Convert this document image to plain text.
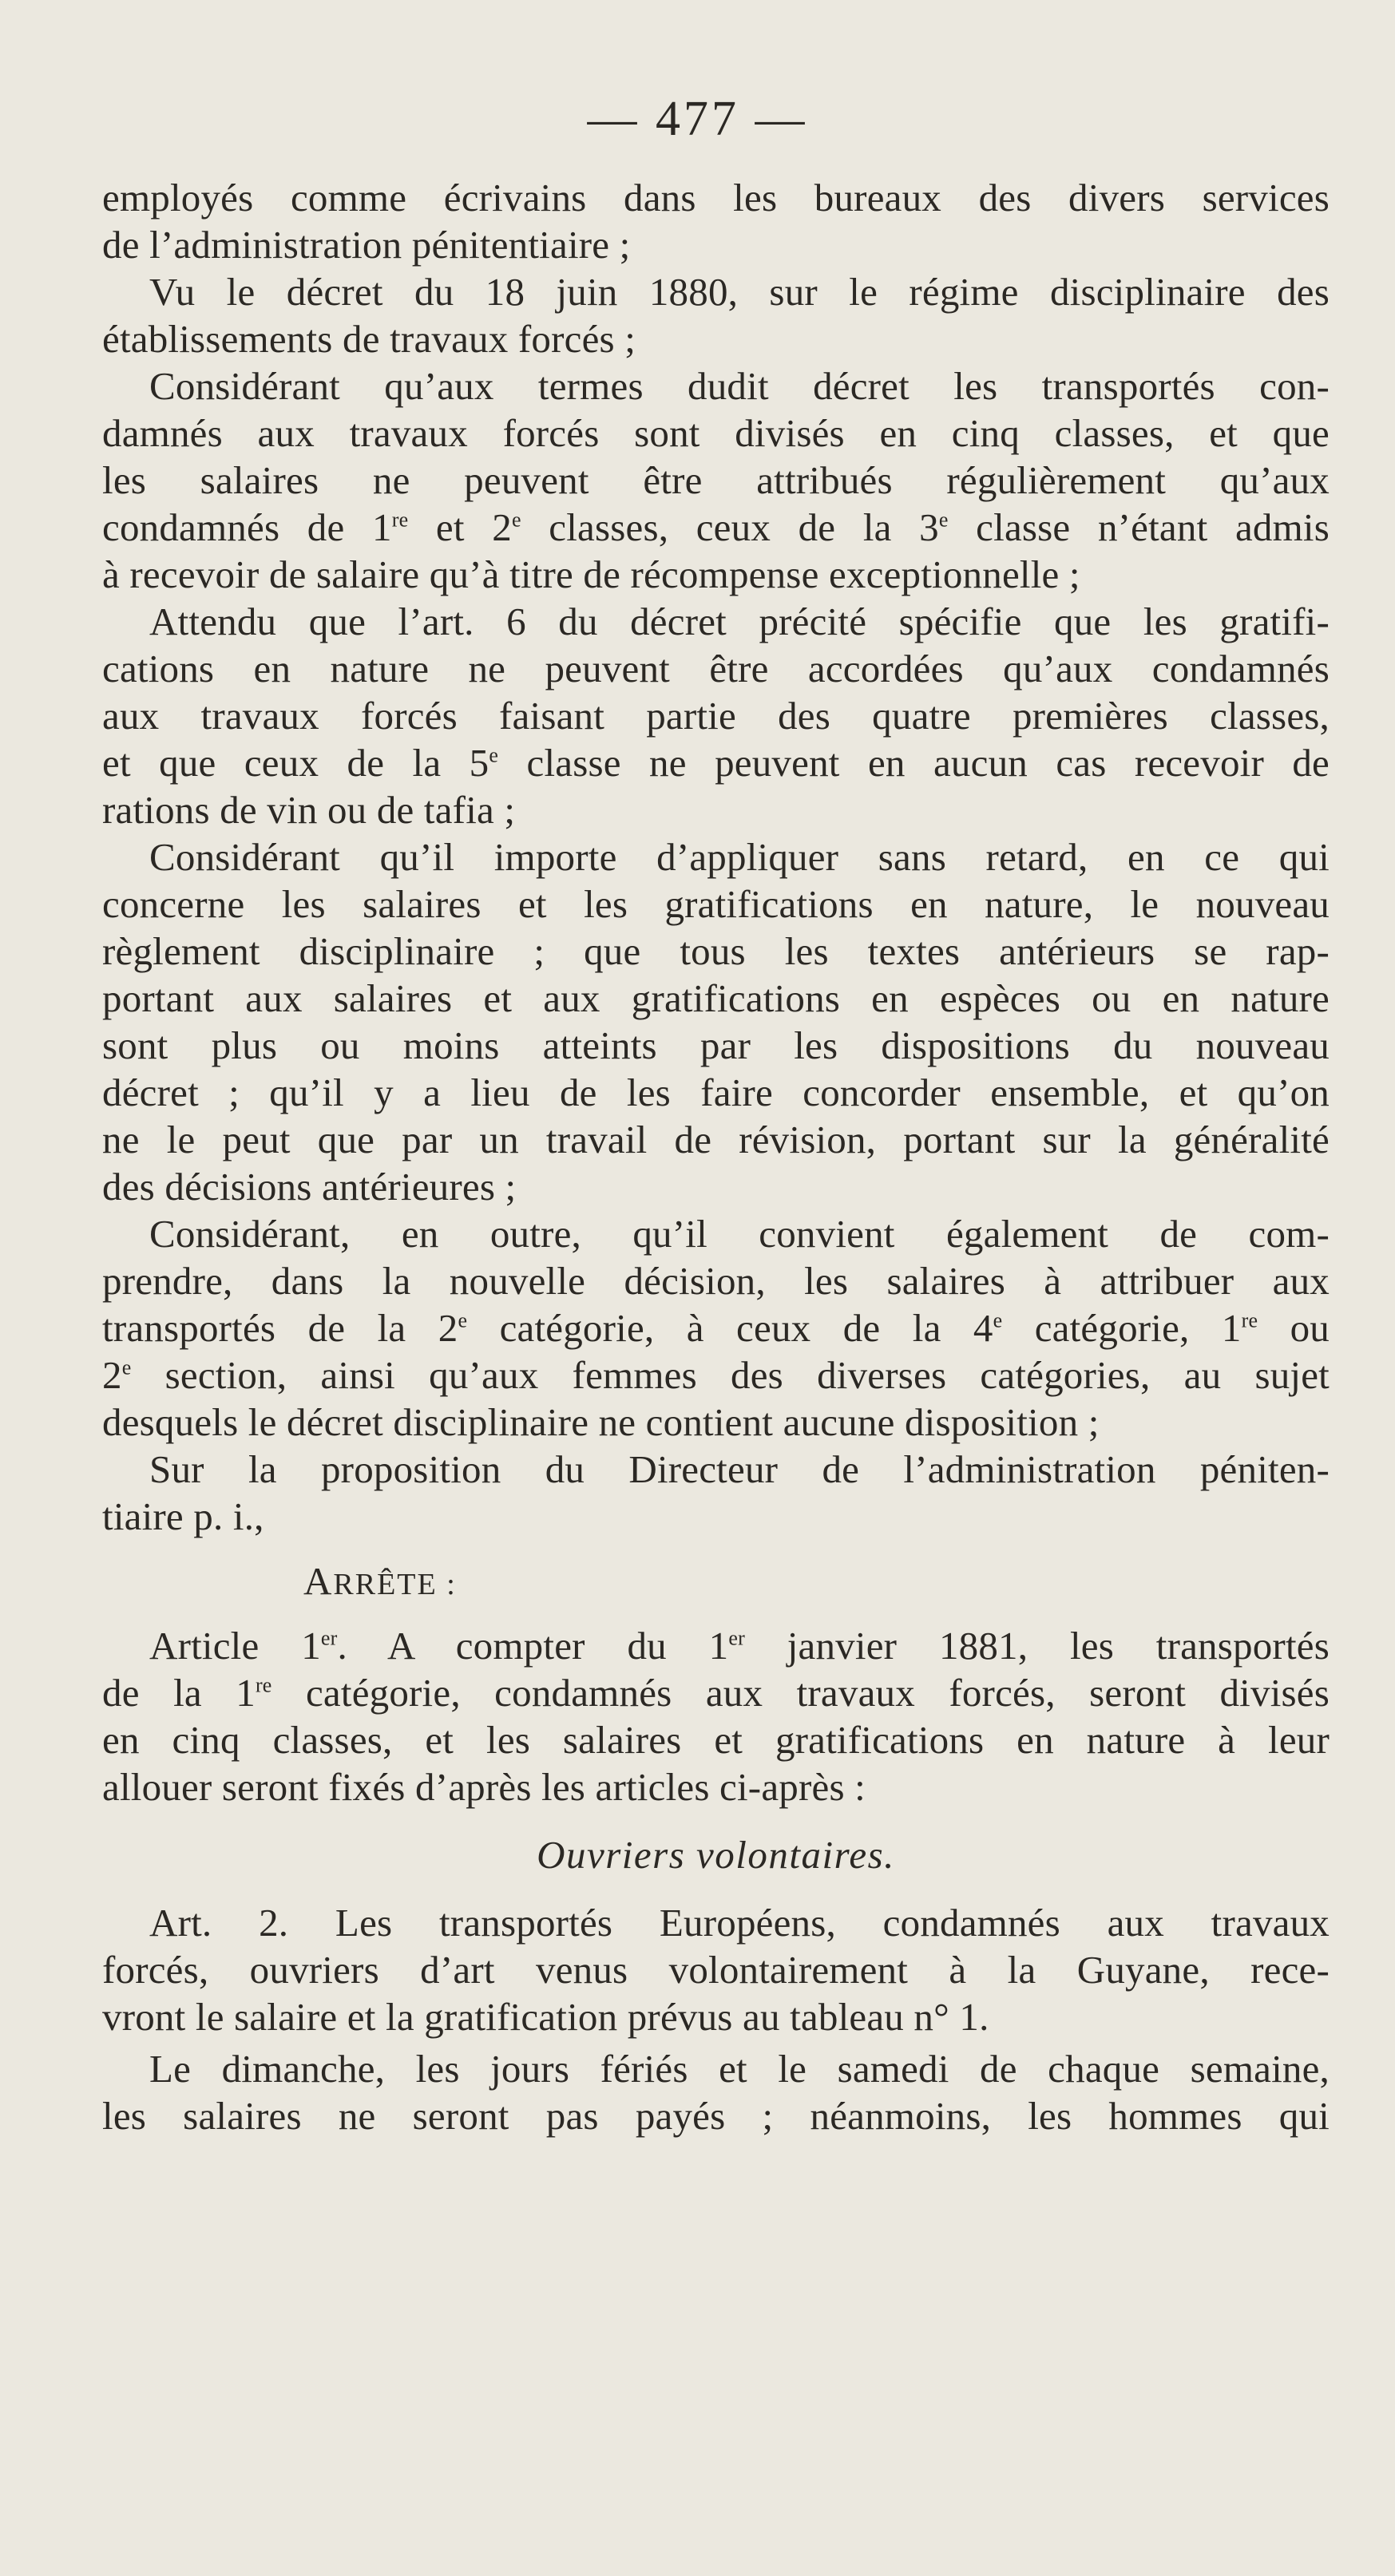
— 477 —
employés comme écrivains dans les bureaux des divers services
de l’administration pénitentiaire ;
Vu le décret du 18 juin 1880, sur le régime disciplinaire des
établissements de travaux forcés ;
Considérant qu’aux termes dudit décret les transportés con-
damnés aux travaux forcés sont divisés en cinq classes, et que
les salaires ne peuvent être attribués régulièrement qu’aux
condamnés de 1re et 2e classes, ceux de la 3e classe n’étant admis
à recevoir de salaire qu’à titre de récompense exceptionnelle ;
Attendu que l’art. 6 du décret précité spécifie que les gratifi-
cations en nature ne peuvent être accordées qu’aux condamnés
aux travaux forcés faisant partie des quatre premières classes,
et que ceux de la 5e classe ne peuvent en aucun cas recevoir de
rations de vin ou de tafia ;
Considérant qu’il importe d’appliquer sans retard, en ce qui
concerne les salaires et les gratifications en nature, le nouveau
règlement disciplinaire ; que tous les textes antérieurs se rap-
portant aux salaires et aux gratifications en espèces ou en nature
sont plus ou moins atteints par les dispositions du nouveau
décret ; qu’il y a lieu de les faire concorder ensemble, et qu’on
ne le peut que par un travail de révision, portant sur la généralité
des décisions antérieures ;
Considérant, en outre, qu’il convient également de com-
prendre, dans la nouvelle décision, les salaires à attribuer aux
transportés de la 2e catégorie, à ceux de la 4e catégorie, 1re ou
2e section, ainsi qu’aux femmes des diverses catégories, au sujet
desquels le décret disciplinaire ne contient aucune disposition ;
Sur la proposition du Directeur de l’administration péniten-
tiaire p. i.,
ARRÊTE :
Article 1er. A compter du 1er janvier 1881, les transportés
de la 1re catégorie, condamnés aux travaux forcés, seront divisés
en cinq classes, et les salaires et gratifications en nature à leur
allouer seront fixés d’après les articles ci-après :
Ouvriers volontaires.
Art. 2. Les transportés Européens, condamnés aux travaux
forcés, ouvriers d’art venus volontairement à la Guyane, rece-
vront le salaire et la gratification prévus au tableau n° 1.
Le dimanche, les jours fériés et le samedi de chaque semaine,
les salaires ne seront pas payés ; néanmoins, les hommes qui
